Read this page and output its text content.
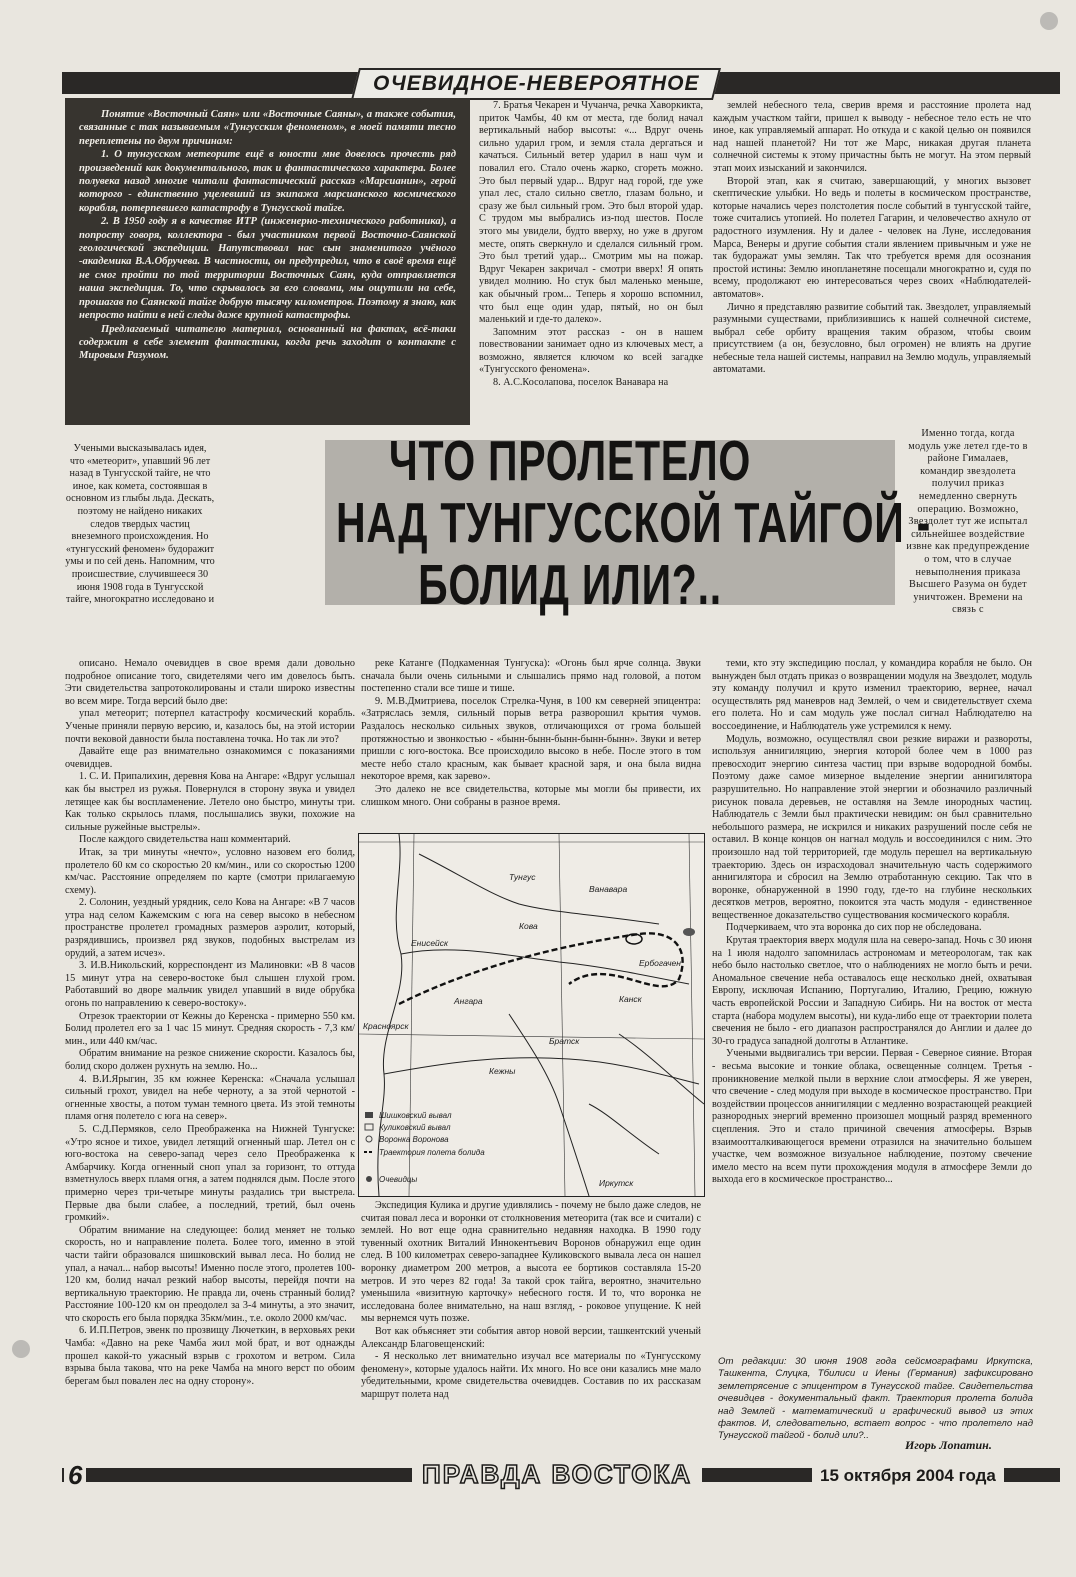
ОЧЕВИДНОЕ-НЕВЕРОЯТНОЕ

Понятие «Восточный Саян» или «Восточные Саяны», а также события, связанные с так называемым «Тунгусским феноменом», в моей памяти тесно переплетены по двум причинам:

1. О тунгусском метеорите ещё в юности мне довелось прочесть ряд произведений как документального, так и фантастического характера. Более полувека назад многие читали фантастический рассказ «Марсианин», герой которого - единственно уцелевший из экипажа марсианского космического корабля, потерпевшего катастрофу в Тунгусской тайге.

2. В 1950 году я в качестве ИТР (инженерно-технического работника), а попросту говоря, коллектора - был участником первой Восточно-Саянской геологической экспедиции. Напутствовал нас сын знаменитого учёного -академика В.А.Обручева. В частности, он предупредил, что в своё время ещё не смог пройти по той территории Восточных Саян, куда отправляется наша экспедиция. То, что скрывалось за его словами, мы ощутили на себе, прошагав по Саянской тайге добрую тысячу километров. Поэтому я знаю, как непросто найти в ней следы даже крупной катастрофы.

Предлагаемый читателю материал, основанный на фактах, всё-таки содержит в себе элемент фантастики, когда речь заходит о контакте с Мировым Разумом.

7. Братья Чекарен и Чучанча, речка Хаворкикта, приток Чамбы, 40 км от места, где болид начал вертикальный набор высоты: «... Вдруг очень сильно ударил гром, и земля стала дергаться и качаться. Сильный ветер ударил в наш чум и повалил его. Стало очень жарко, сгореть можно. Это был первый удар... Вдруг над горой, где уже упал лес, стало сильно светло, глазам больно, и сразу же был сильный гром. Это был второй удар. С трудом мы выбрались из-под шестов. После этого мы увидели, будто вверху, но уже в другом месте, опять сверкнуло и сделался сильный гром. Это был третий удар... Смотрим мы на пожар. Вдруг Чекарен закричал - смотри вверх! Я опять увидел молнию. Но стук был маленько меньше, как обычный гром... Теперь я хорошо вспомнил, что был еще один удар, пятый, но он был маленький и где-то далеко».

Запомним этот рассказ - он в нашем повествовании занимает одно из ключевых мест, а возможно, является ключом ко всей загадке «Тунгусского феномена».

8. А.С.Косолапова, поселок Ванавара на

землей небесного тела, сверив время и расстояние пролета над каждым участком тайги, пришел к выводу - небесное тело есть не что иное, как управляемый аппарат. Но откуда и с какой целью он появился над нашей планетой? Ни тот же Марс, никакая другая планета солнечной системы к этому причастны быть не могут. На этом первый этап моих изысканий и закончился.

Второй этап, как я считаю, завершающий, у многих вызовет скептические улыбки. Но ведь и полеты в космическом пространстве, которые начались через полстолетия после событий в тунгусской тайге, тоже считались утопией. Но полетел Гагарин, и человечество ахнуло от радостного изумления. Ну и далее - человек на Луне, исследования Марса, Венеры и другие события стали явлением привычным и уже не так будоражат умы землян. Так что требуется время для осознания простой истины: Землю инопланетяне посещали многократно и, судя по всему, продолжают ею интересоваться через своих «Наблюдателей-автоматов».

Лично я представляю развитие событий так. Звездолет, управляемый разумными существами, приблизившись к нашей солнечной системе, выбрал себе орбиту вращения таким образом, чтобы своим присутствием (а он, безусловно, был огромен) не влиять на другие небесные тела нашей системы, направил на Землю модуль, управляемый автоматами.

Именно тогда, когда модуль уже летел где-то в районе Гималаев, командир звездолета получил приказ немедленно свернуть операцию. Возможно, Звездолет тут же испытал сильнейшее воздействие извне как предупреждение о том, что в случае невыполнения приказа Высшего Разума он будет уничтожен. Времени на связь с

ЧТО ПРОЛЕТЕЛО
НАД ТУНГУССКОЙ ТАЙГОЙ -
БОЛИД ИЛИ?..

Учеными высказывалась идея, что «метеорит», упавший 96 лет назад в Тунгусской тайге, не что иное, как комета, состоявшая в основном из глыбы льда. Дескать, поэтому не найдено никаких следов твердых частиц внеземного происхождения. Но «тунгусский феномен» будоражит умы и по сей день. Напомним, что происшествие, случившееся 30 июня 1908 года в Тунгусской тайге, многократно исследовано и

описано. Немало очевидцев в свое время дали довольно подробное описание того, свидетелями чего им довелось быть. Эти свидетельства запротоколированы и стали широко известны во всем мире. Тогда версий было две:

упал метеорит; потерпел катастрофу космический корабль. Ученые приняли первую версию, и, казалось бы, на этой истории почти вековой давности была поставлена точка. Но так ли это?

Давайте еще раз внимательно ознакомимся с показаниями очевидцев.

1. С. И. Припалихин, деревня Кова на Ангаре: «Вдруг услышал как бы выстрел из ружья. Повернулся в сторону звука и увидел летящее как бы воспламенение. Летело оно быстро, минуты три. Как только скрылось пламя, послышались звуки, похожие на сильные ружейные выстрелы».

После каждого свидетельства наш комментарий.

Итак, за три минуты «нечто», условно назовем его болид, пролетело 60 км со скоростью 20 км/мин., или со скоростью 1200 км/час. Расстояние определяем по карте (смотри прилагаемую схему).

2. Солонин, уездный урядник, село Кова на Ангаре: «В 7 часов утра над селом Кажемским с юга на север высоко в небесном пространстве пролетел громадных размеров аэролит, который, разрядившись, произвел ряд звуков, подобных выстрелам из орудий, а затем исчез».

3. И.В.Никольский, корреспондент из Малиновки: «В 8 часов 15 минут утра на северо-востоке был слышен глухой гром. Работавший во дворе мальчик увидел упавший в виде обрубка огонь по направлению к северо-востоку».

Отрезок траектории от Кежны до Керенска - примерно 550 км. Болид пролетел его за 1 час 15 минут. Средняя скорость - 7,3 км/мин., или 440 км/час.

Обратим внимание на резкое снижение скорости. Казалось бы, болид скоро должен рухнуть на землю. Но...

4. В.И.Ярыгин, 35 км южнее Керенска: «Сначала услышал сильный грохот, увидел на небе черноту, а за этой чернотой - огненные хвосты, а потом туман темного цвета. Из этой темноты пламя огня полетело с юга на север».

5. С.Д.Пермяков, село Преображенка на Нижней Тунгуске: «Утро ясное и тихое, увидел летящий огненный шар. Летел он с юго-востока на северо-запад через село Преображенка к Амбарчику. Когда огненный сноп упал за горизонт, то оттуда взметнулось вверх пламя огня, а затем поднялся дым. После этого примерно через три-четыре минуты раздались три выстрела. Первые два были слабее, а последний, третий, был очень громкий».

Обратим внимание на следующее: болид меняет не только скорость, но и направление полета. Более того, именно в этой части тайги образовался шишковский вывал леса. Но болид не упал, а начал... набор высоты! Именно после этого, пролетев 100-120 км, болид начал резкий набор высоты, перейдя почти на вертикальную траекторию. Не правда ли, очень странный болид? Расстояние 100-120 км он преодолел за 3-4 минуты, а это значит, что скорость его была порядка 35км/мин., т.е. около 2000 км/час.

6. И.П.Петров, эвенк по прозвищу Лючеткин, в верховьях реки Чамба: «Давно на реке Чамба жил мой брат, и вот однажды прошел какой-то ужасный взрыв с грохотом и ветром. Сила взрыва была такова, что на реке Чамба на много верст по обоим берегам был повален лес на одну сторону».

реке Катанге (Подкаменная Тунгуска): «Огонь был ярче солнца. Звуки сначала были очень сильными и слышались прямо над головой, а потом постепенно стали все тише и тише.

9. М.В.Дмитриева, поселок Стрелка-Чуня, в 100 км северней эпицентра: «Затряслась земля, сильный порыв ветра разворошил крытия чумов. Раздалось несколько сильных звуков, отличающихся от грома большей протяжностью и звонкостью - «бынн-бынн-бынн-бынн-бынн». Звуки и ветер пришли с юго-востока. Все происходило высоко в небе. После этого в том месте небо стало красным, как бывает красной заря, и она была видна некоторое время, как зарево».

Это далеко не все свидетельства, которые мы могли бы привести, их слишком много. Они собраны в разное время.

Тунгус
Ванавара
Кова
Енисейск
Красноярск
Ангара
Братск
Канск
Иркутск
Ербогачен
Кежны
Шишковский вывал
Куликовский вывал
Воронка Воронова
Траектория полета болида
Очевидцы

Экспедиция Кулика и другие удивлялись - почему не было даже следов, не считая повал леса и воронки от столкновения метеорита (так все и считали) с землей. Но вот еще одна сравнительно недавняя находка. В 1990 году тувенный охотник Виталий Иннокентьевич Воронов обнаружил еще один след. В 100 километрах северо-западнее Куликовского вывала леса он нашел воронку диаметром 200 метров, а высота ее бортиков составляла 15-20 метров. И это через 82 года! За такой срок тайга, вероятно, значительно уменьшила «визитную карточку» небесного гостя. И то, что воронка не исследована более внимательно, на наш взгляд, - роковое упущение. К ней мы вернемся чуть позже.

Вот как объясняет эти события автор новой версии, ташкентский ученый Александр Благовещенский:

- Я несколько лет внимательно изучал все материалы по «Тунгусскому феномену», которые удалось найти. Их много. Но все они казались мне мало убедительными, кроме свидетельства очевидцев. Составив по их рассказам маршрут полета над

теми, кто эту экспедицию послал, у командира корабля не было. Он вынужден был отдать приказ о возвращении модуля на Звездолет, модуль эту команду получил и круто изменил траекторию, вернее, начал осуществлять ряд маневров над Землей, о чем и свидетельствует схема его полета. Но и сам модуль уже послал сигнал Наблюдателю на воссоединение, и Наблюдатель уже устремился к нему.

Модуль, возможно, осуществлял свои резкие виражи и развороты, используя аннигиляцию, энергия которой более чем в 1000 раз превосходит энергию синтеза частиц при взрыве водородной бомбы. Поэтому даже самое мизерное выделение энергии аннигилятора разрушительно. Но направление этой энергии и обозначило различный рисунок повала деревьев, не оставляя на Земле инородных частиц. Наблюдатель с Земли был практически невидим: он был сравнительно небольшого размера, не искрился и никаких разрушений после себя не оставил. В конце концов он нагнал модуль и воссоединился с ним. Это произошло над той территорией, где модуль перешел на вертикальную траекторию. Здесь он израсходовал значительную часть содержимого аннигилятора и сбросил на Землю отработанную секцию. Так что в воронке, обнаруженной в 1990 году, где-то на глубине нескольких десятков метров, вероятно, покоится эта часть модуля - единственное вещественное доказательство существования космического корабля.

Подчеркиваем, что эта воронка до сих пор не обследована.

Крутая траектория вверх модуля шла на северо-запад. Ночь с 30 июня на 1 июля надолго запомнилась астрономам и метеорологам, так как небо было настолько светлое, что о наблюдениях не могло быть и речи. Аномальное свечение неба оставалось еще несколько дней, охватывая Европу, исключая Испанию, Португалию, Италию, Грецию, южную часть европейской России и Западную Сибирь. Ни на восток от места старта (набора модулем высоты), ни куда-либо еще от траектории полета свечения не было - его диапазон распространялся до Англии и далее до 30-го градуса западной долготы в Атлантике.

Учеными выдвигались три версии. Первая - Северное сияние. Вторая - весьма высокие и тонкие облака, освещенные солнцем. Третья - проникновение мелкой пыли в верхние слои атмосферы. Я же уверен, что свечение - след модуля при выходе в космическое пространство. При воздействии процессов аннигиляции с медленно возрастающей реакцией разнородных энергий временно произошел мощный разряд временного сцепления. Это и стало причиной свечения атмосферы. Взрыв взаимоотталкивающегося времени отразился на значительно большем участке, чем возможное визуальное наблюдение, поэтому свечение имело место на всем пути прохождения модуля в атмосфере Земли до выхода его в космическое пространство...

От редакции: 30 июня 1908 года сейсмографами Иркутска, Ташкента, Слуцка, Тбилиси и Иены (Германия) зафиксировано землетрясение с эпицентром в Тунгусской тайге. Свидетельства очевидцев - документальный факт. Траектория пролета болида над Землей - математический и графический вывод из этих фактов. И, следовательно, встает вопрос - что пролетело над Тунгусской тайгой - болид или?..
Игорь Лопатин.
6	ПРАВДА ВОСТОКА	15 октября 2004 года
